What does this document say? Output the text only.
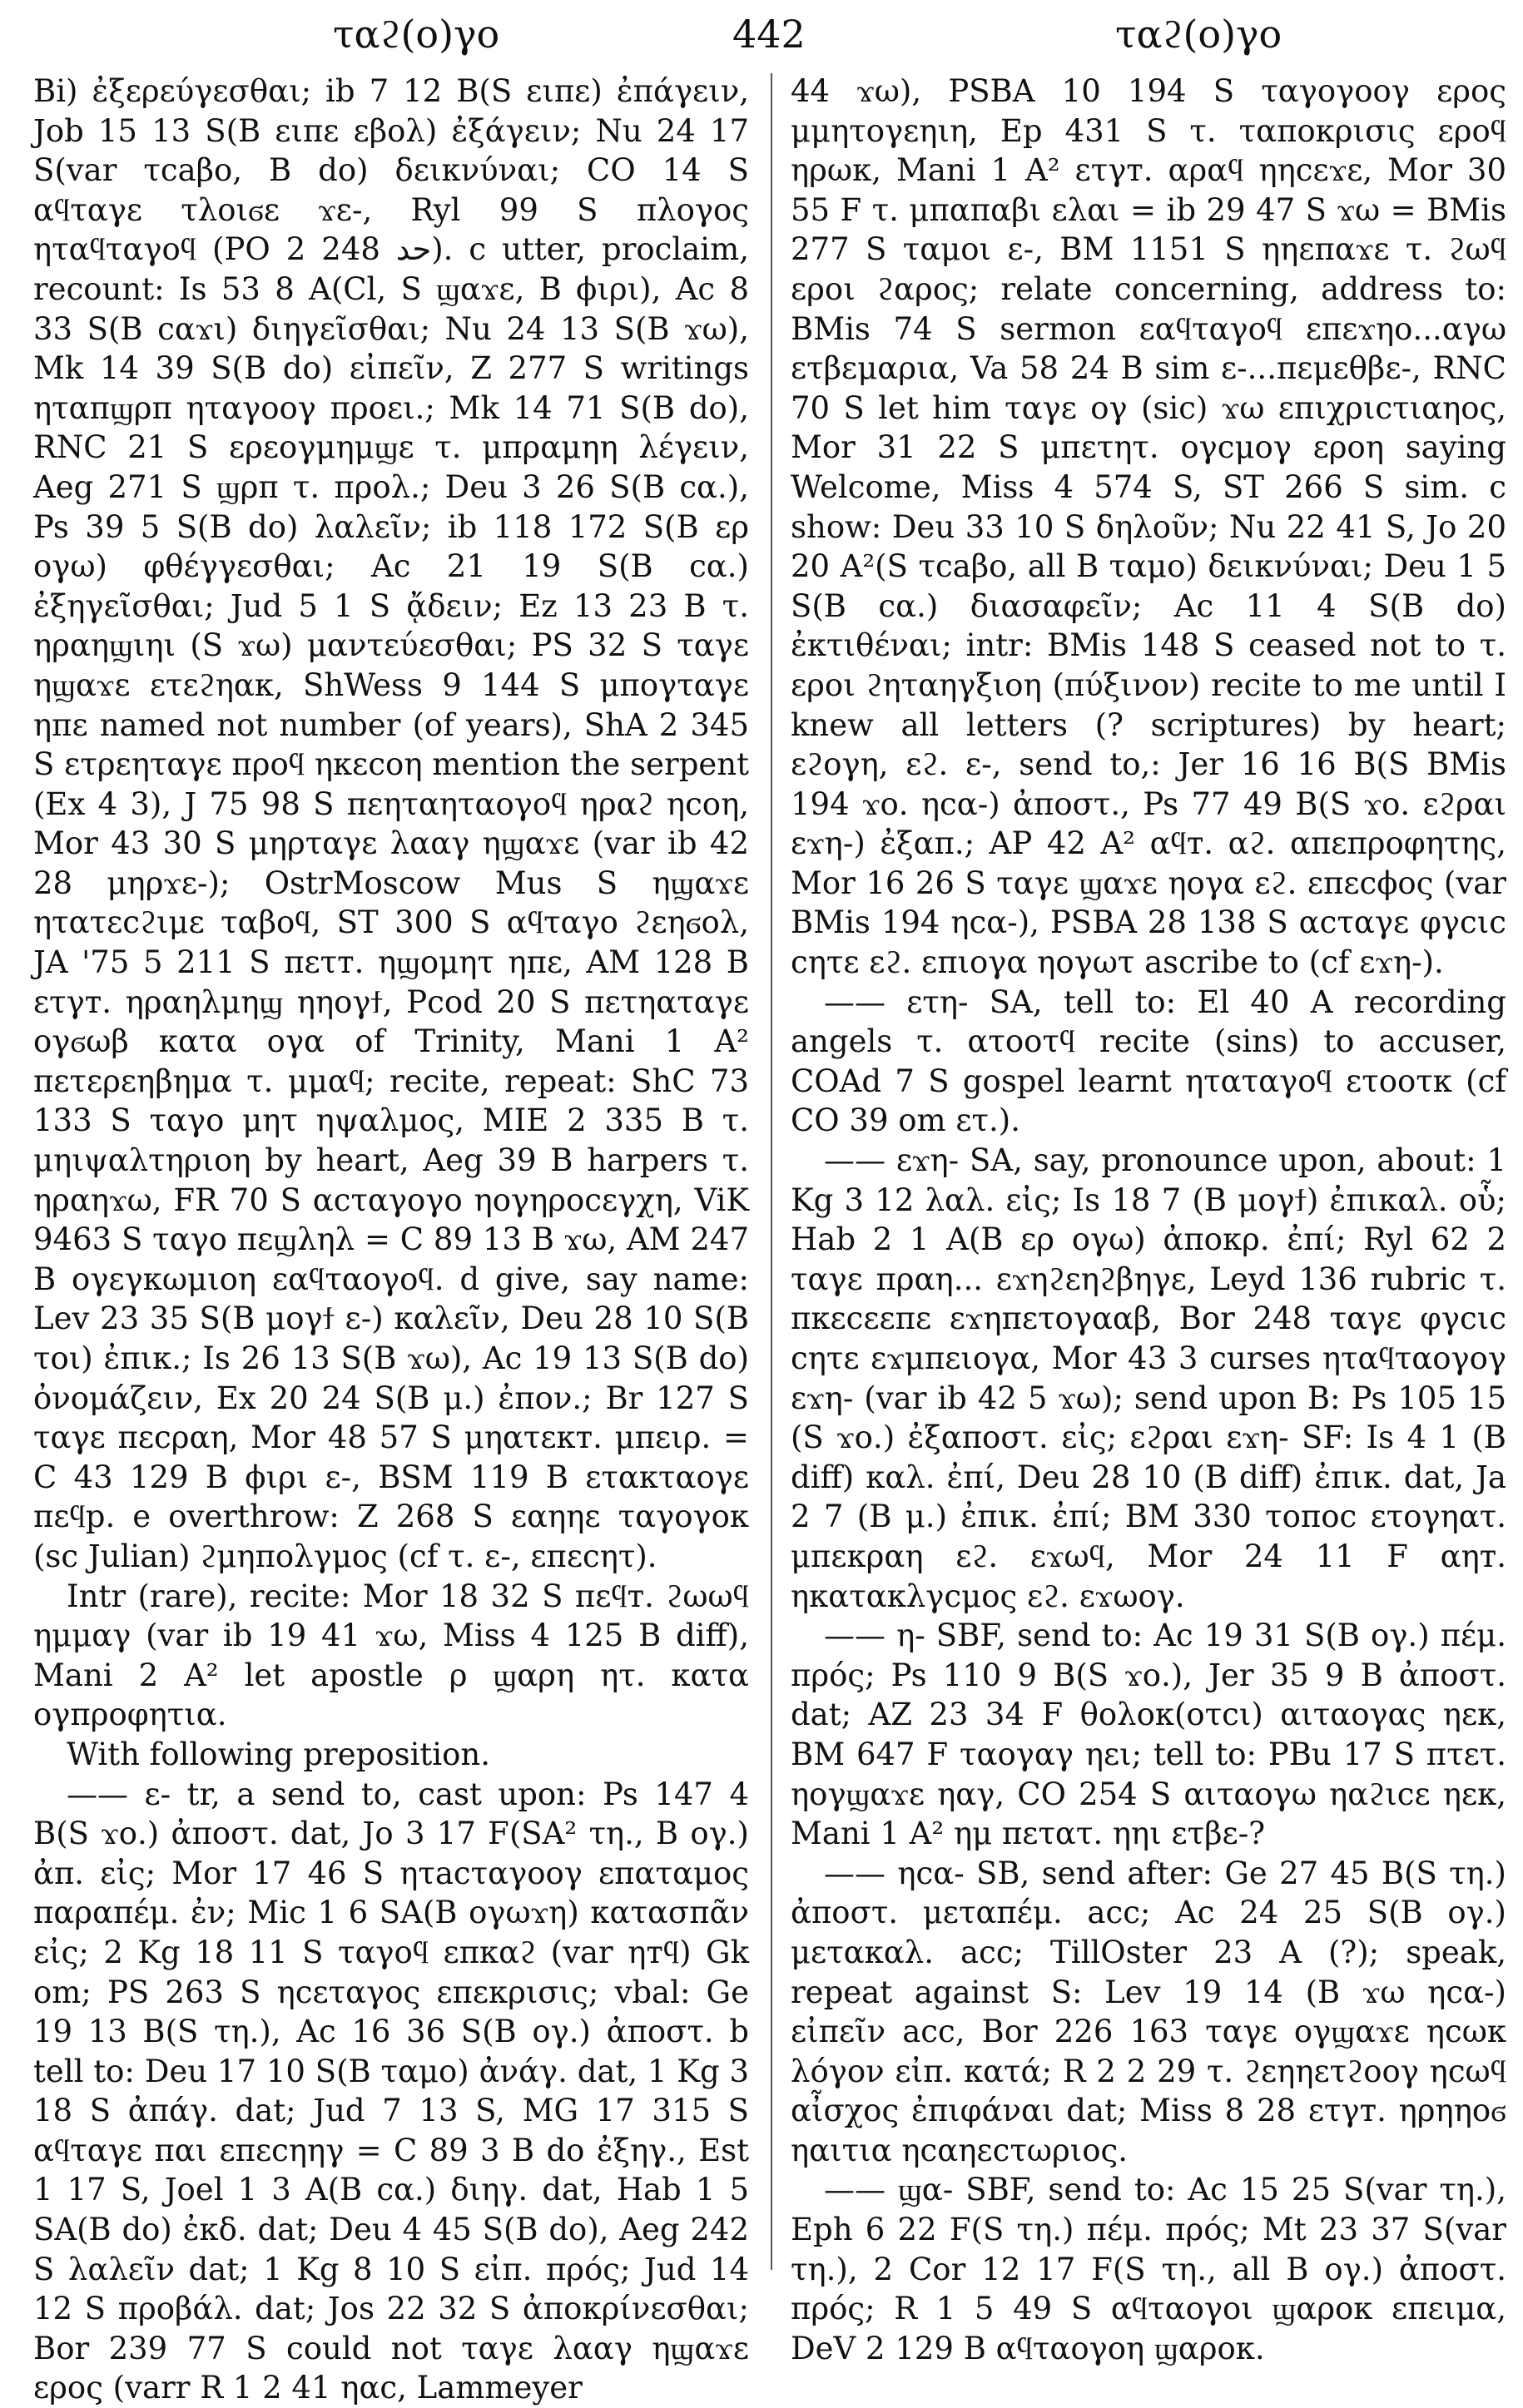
ταϩ(ο)γο	442	ταϩ(ο)γο

Bi) ἐξερεύγεσθαι; ib 7 12 B(S ειπε) ἐπάγειν, Job 15 13 S(B ειπε εβολ) ἐξάγειν; Nu 24 17 S(var τсаβο, B do) δεικνύναι; CO 14 S αϥταγε τλοιϭε ϫε-, Ryl 99 S πλογος ηταϥταγοϥ (PO 2 248 ﺣﺪ). c utter, proclaim, recount: Is 53 8 A(Cl, S ϣαϫε, B ϕιρι), Ac 8 33 S(B cαϫι) διηγεῖσθαι; Nu 24 13 S(B ϫω), Mk 14 39 S(B do) εἰπεῖν, Z 277 S writings ηταπϣρπ ηταγοογ προει.; Mk 14 71 S(B do), RNC 21 S ερεογμημϣε τ. μπραμηη λέγειν, Aeg 271 S ϣρπ τ. προλ.; Deu 3 26 S(B cα.), Ps 39 5 S(B do) λαλεῖν; ib 118 172 S(B ερ ογω) φθέγγεσθαι; Ac 21 19 S(B cα.) ἐξηγεῖσθαι; Jud 5 1 S ᾄδειν; Ez 13 23 B τ. ηραηϣιηι (S ϫω) μαντεύεσθαι; PS 32 S ταγε ηϣαϫε ετεϩηακ, ShWess 9 144 S μπογταγε ηπε named not number (of years), ShA 2 345 S ετρεηταγε προϥ ηκεcοη mention the serpent (Ex 4 3), J 75 98 S πεηταηταογοϥ ηραϩ ηcοη, Mor 43 30 S μηρταγε λααγ ηϣαϫε (var ib 42 28 μηρϫε-); OstrMoscow Mus S ηϣαϫε ητατεcϩιμε ταβοϥ, ST 300 S αϥταγο ϩεηϭολ, JA '75 5 211 S πετт. ηϣομητ ηπε, AM 128 B ετγт. ηραηλμηϣ ηηογϯ, Pcod 20 S πετηαταγε ογϭωβ κατα ογα of Trinity, Mani 1 A² πετερεηβημα τ. μμαϥ; recite, repeat: ShC 73 133 S ταγο μητ ηψαλμος, MIE 2 335 B τ. μηιψαλτηριοη by heart, Aeg 39 B harpers τ. ηραηϫω, FR 70 S αcταγογο ηογηροcεγχη, ViK 9463 S ταγο πεϣληλ = C 89 13 B ϫω, AM 247 B ογεγκωμιοη εαϥταογοϥ. d give, say name: Lev 23 35 S(B μογϯ ε-) καλεῖν, Deu 28 10 S(B τοι) ἐπικ.; Is 26 13 S(B ϫω), Ac 19 13 S(B do) ὀνομάζειν, Ex 20 24 S(B μ.) ἐπον.; Br 127 S ταγε πεcραη, Mor 48 57 S μηατεκт. μπειρ. = C 43 129 B ϕιρι ε-, BSM 119 B εταкταογε πεϥр. e overthrow: Z 268 S εαηηε ταγογοκ (sc Julian) ϩμηπολγμος (cf τ. ε-, επεcητ).

Intr (rare), recite: Mor 18 32 S πεϥт. ϩωωϥ ημμαγ (var ib 19 41 ϫω, Miss 4 125 B diff), Mani 2 A² let apostle ρ ϣαρη ητ. κατα ογπροφητια.

With following preposition.

—— ε- tr, a send to, cast upon: Ps 147 4 B(S ϫο.) ἀποστ. dat, Jo 3 17 F(SA² τη., B ογ.) ἀπ. εἰς; Mor 17 46 S ητacταγοογ επαταμος παραπέμ. ἐν; Mic 1 6 SA(B ογωϫη) κατασπᾶν εἰς; 2 Kg 18 11 S ταγοϥ επκαϩ (var ηтϥ) Gk om; PS 263 S ηcεταγος επεκρισις; vbal: Ge 19 13 B(S τη.), Ac 16 36 S(B ογ.) ἀποστ. b tell to: Deu 17 10 S(B ταμο) ἀνάγ. dat, 1 Kg 3 18 S ἀπάγ. dat; Jud 7 13 S, MG 17 315 S αϥταγε παι επεcηηγ = C 89 3 B do ἐξηγ., Est 1 17 S, Joel 1 3 A(B cα.) διηγ. dat, Hab 1 5 SA(B do) ἐκδ. dat; Deu 4 45 S(B do), Aeg 242 S λαλεῖν dat; 1 Kg 8 10 S εἰπ. πρός; Jud 14 12 S προβάλ. dat; Jos 22 32 S ἀποκρίνεσθαι; Bor 239 77 S could not ταγε λααγ ηϣαϫε ερος (varr R 1 2 41 ηαc, Lammeyer

44 ϫω), PSBA 10 194 S ταγογοογ ερος μμητογεηιη, Ep 431 S τ. ταποκρισις εροϥ ηρωκ, Mani 1 A² ετγт. αραϥ ηηcεϫε, Mor 30 55 F τ. μπαπαβι ελαι = ib 29 47 S ϫω = BMis 277 S ταμοι ε-, BM 1151 S ηηεπαϫε τ. ϩωϥ εροι ϩαρος; relate concerning, address to: BMis 74 S sermon εαϥταγοϥ επεϫηο...αγω ετβεμαρια, Va 58 24 B sim ε-...πεμεθβε-, RNC 70 S let him ταγε ογ (sic) ϫω επιχριcτιαηος, Mor 31 22 S μπετητ. ογcμογ εροη saying Welcome, Miss 4 574 S, ST 266 S sim. c show: Deu 33 10 S δηλοῦν; Nu 22 41 S, Jo 20 20 A²(S τсаβο, all B ταμο) δεικνύναι; Deu 1 5 S(B cα.) διασαφεῖν; Ac 11 4 S(B do) ἐκτιθέναι; intr: BMis 148 S ceased not to τ. εροι ϩηταηγξιοη (πύξινον) recite to me until I knew all letters (? scriptures) by heart; εϩογη, εϩ. ε-, send to,: Jer 16 16 B(S BMis 194 ϫο. ηcα-) ἀποστ., Ps 77 49 B(S ϫο. εϩραι εϫη-) ἐξαπ.; AP 42 A² αϥт. αϩ. απεπροφητης, Mor 16 26 S ταγε ϣαϫε ηογα εϩ. επεcϕος (var BMis 194 ηcα-), PSBA 28 138 S αcταγε φγcιc cητε εϩ. επιογα ηογωτ ascribe to (cf εϫη-).

—— ετη- SA, tell to: El 40 A recording angels τ. ατοοτϥ recite (sins) to accuser, COAd 7 S gospel learnt ηταταγοϥ ετοοτκ (cf CO 39 om ετ.).

—— εϫη- SA, say, pronounce upon, about: 1 Kg 3 12 λαλ. εἰς; Is 18 7 (B μογϯ) ἐπικαλ. οὗ; Hab 2 1 A(B ερ ογω) ἀποκρ. ἐπί; Ryl 62 2 ταγε πραη... εϫηϩεηϩβηγε, Leyd 136 rubric τ. πκεcεεπε εϫηπετογααβ, Bor 248 ταγε φγcιc cητε εϫμπειογα, Mor 43 3 curses ηταϥταογογ εϫη- (var ib 42 5 ϫω); send upon B: Ps 105 15 (S ϫο.) ἐξαποστ. εἰς; εϩραι εϫη- SF: Is 4 1 (B diff) καλ. ἐπί, Deu 28 10 (B diff) ἐπικ. dat, Ja 2 7 (B μ.) ἐπικ. ἐπί; BM 330 τοποc ετογηατ. μπεκραη εϩ. εϫωϥ, Mor 24 11 F αηт. ηκατακλγcμος εϩ. εϫωογ.

—— η- SBF, send to: Ac 19 31 S(B ογ.) πέμ. πρός; Ps 110 9 B(S ϫο.), Jer 35 9 B ἀποστ. dat; AZ 23 34 F θολοκ(οτcι) αιταογας ηεκ, BM 647 F ταογαγ ηει; tell to: PBu 17 S πτετ. ηογϣαϫε ηαγ, CO 254 S αιταογω ηαϩιcε ηεκ, Mani 1 A² ημ πετατ. ηηι ετβε-?

—— ηcα- SB, send after: Ge 27 45 B(S τη.) ἀποστ. μεταπέμ. acc; Ac 24 25 S(B ογ.) μετακαλ. acc; TillOster 23 A (?); speak, repeat against S: Lev 19 14 (B ϫω ηcα-) εἰπεῖν acc, Bor 226 163 ταγε ογϣαϫε ηcωκ λόγον εἰπ. κατά; R 2 2 29 τ. ϩεηηετϩοογ ηcωϥ αἶσχος ἐπιφάναι dat; Miss 8 28 ετγт. ηρηηοϭ ηαιτια ηcαηεcτωριος.

—— ϣα- SBF, send to: Ac 15 25 S(var τη.), Eph 6 22 F(S τη.) πέμ. πρός; Mt 23 37 S(var τη.), 2 Cor 12 17 F(S τη., all B ογ.) ἀποστ. πρός; R 1 5 49 S αϥταογοι ϣαροκ επειμα, DeV 2 129 B αϥταογοη ϣαροκ.
